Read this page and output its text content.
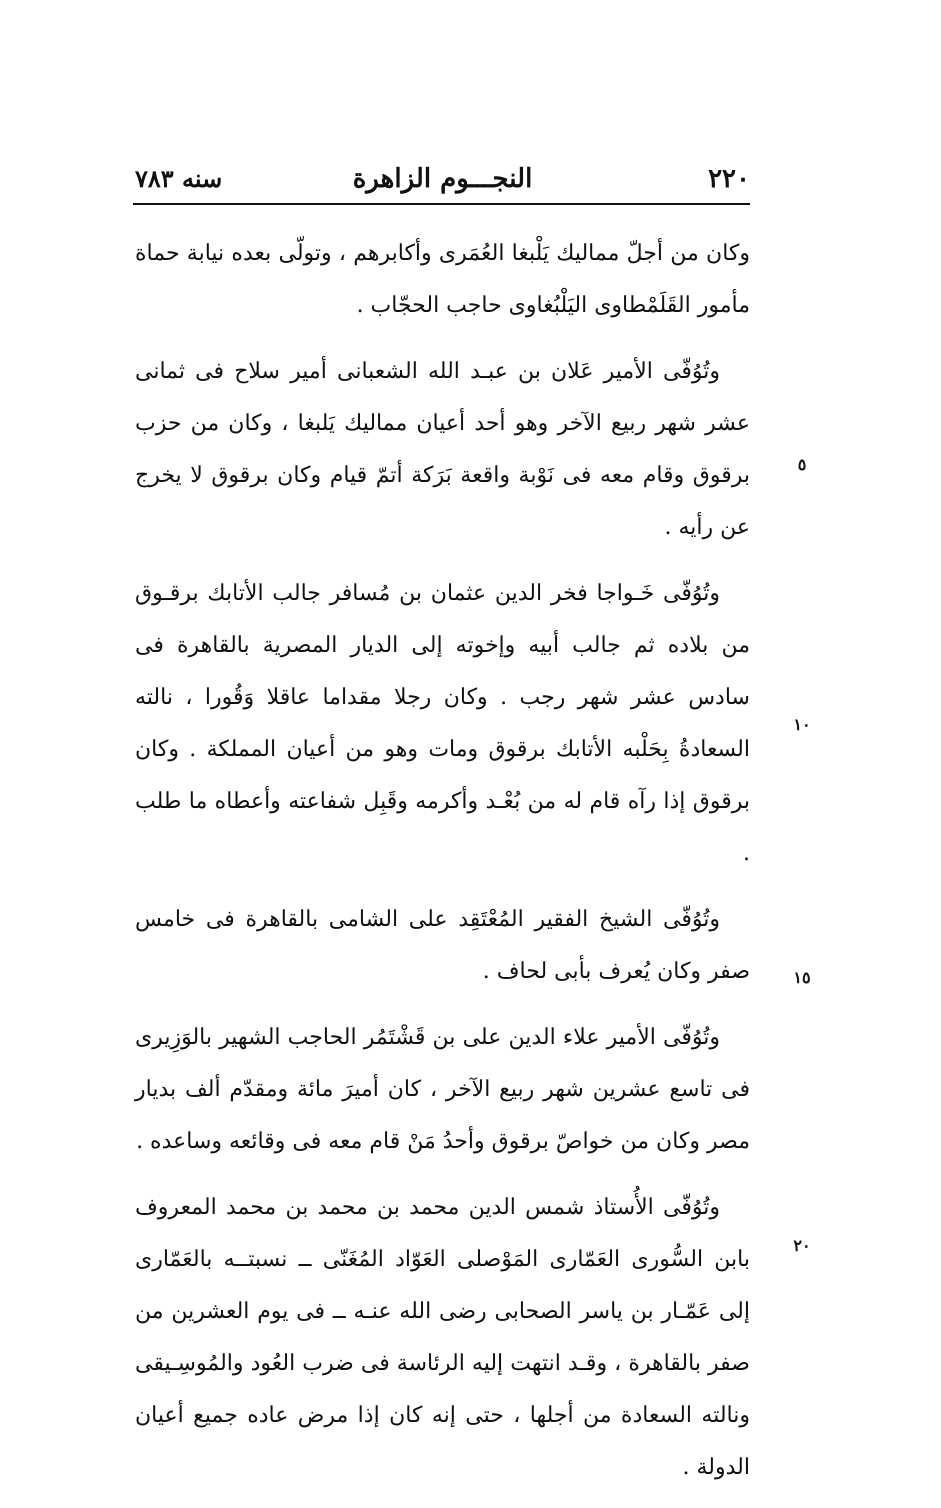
٢٢٠
النجـــوم الزاهرة
سنه ٧٨٣

وكان من أجلّ مماليك يَلْبغا العُمَرى وأكابرهم ، وتولّى بعده نيابة حماة مأمور القَلَمْطاوى اليَلْبُغاوى حاجب الحجّاب .

وتُوُفّى الأمير عَلان بن عبـد الله الشعبانى أمير سلاح فى ثمانى عشر شهر ربيع الآخر وهو أحد أعيان مماليك يَلبغا ، وكان من حزب برقوق وقام معه فى نَوْبة واقعة بَرَكة أتمّ قيام وكان برقوق لا يخرج عن رأيه .

وتُوُفّى خَـواجا فخر الدين عثمان بن مُسافر جالب الأتابك برقـوق من بلاده ثم جالب أبيه وإخوته إلى الديار المصرية بالقاهرة فى سادس عشر شهر رجب . وكان رجلا مقداما عاقلا وَقُورا ، نالته السعادةُ بِحَلْبه الأتابك برقوق ومات وهو من أعيان المملكة . وكان برقوق إذا رآه قام له من بُعْـد وأكرمه وقَبِل شفاعته وأعطاه ما طلب .

وتُوُفّى الشيخ الفقير المُعْتَقِد على الشامى بالقاهرة فى خامس صفر وكان يُعرف بأبى لحاف .

وتُوُفّى الأمير علاء الدين على بن قَشْتَمُر الحاجب الشهير بالوَزِيرى فى تاسع عشرين شهر ربيع الآخر ، كان أميرَ مائة ومقدّم ألف بديار مصر وكان من خواصّ برقوق وأحدُ مَنْ قام معه فى وقائعه وساعده .

وتُوُفّى الأُستاذ شمس الدين محمد بن محمد بن محمد المعروف بابن السُّورى العَمّارى المَوْصلى العَوّاد المُغَنّى ــ نسبتــه بالعَمّارى إلى عَمّـار بن ياسر الصحابى رضى الله عنـه ــ فى يوم العشرين من صفر بالقاهرة ، وقـد انتهت إليه الرئاسة فى ضرب العُود والمُوسِـيقى ونالته السعادة من أجلها ، حتى إنه كان إذا مرض عاده جميع أعيان الدولة .

٥
١٠
١٥
٢٠
